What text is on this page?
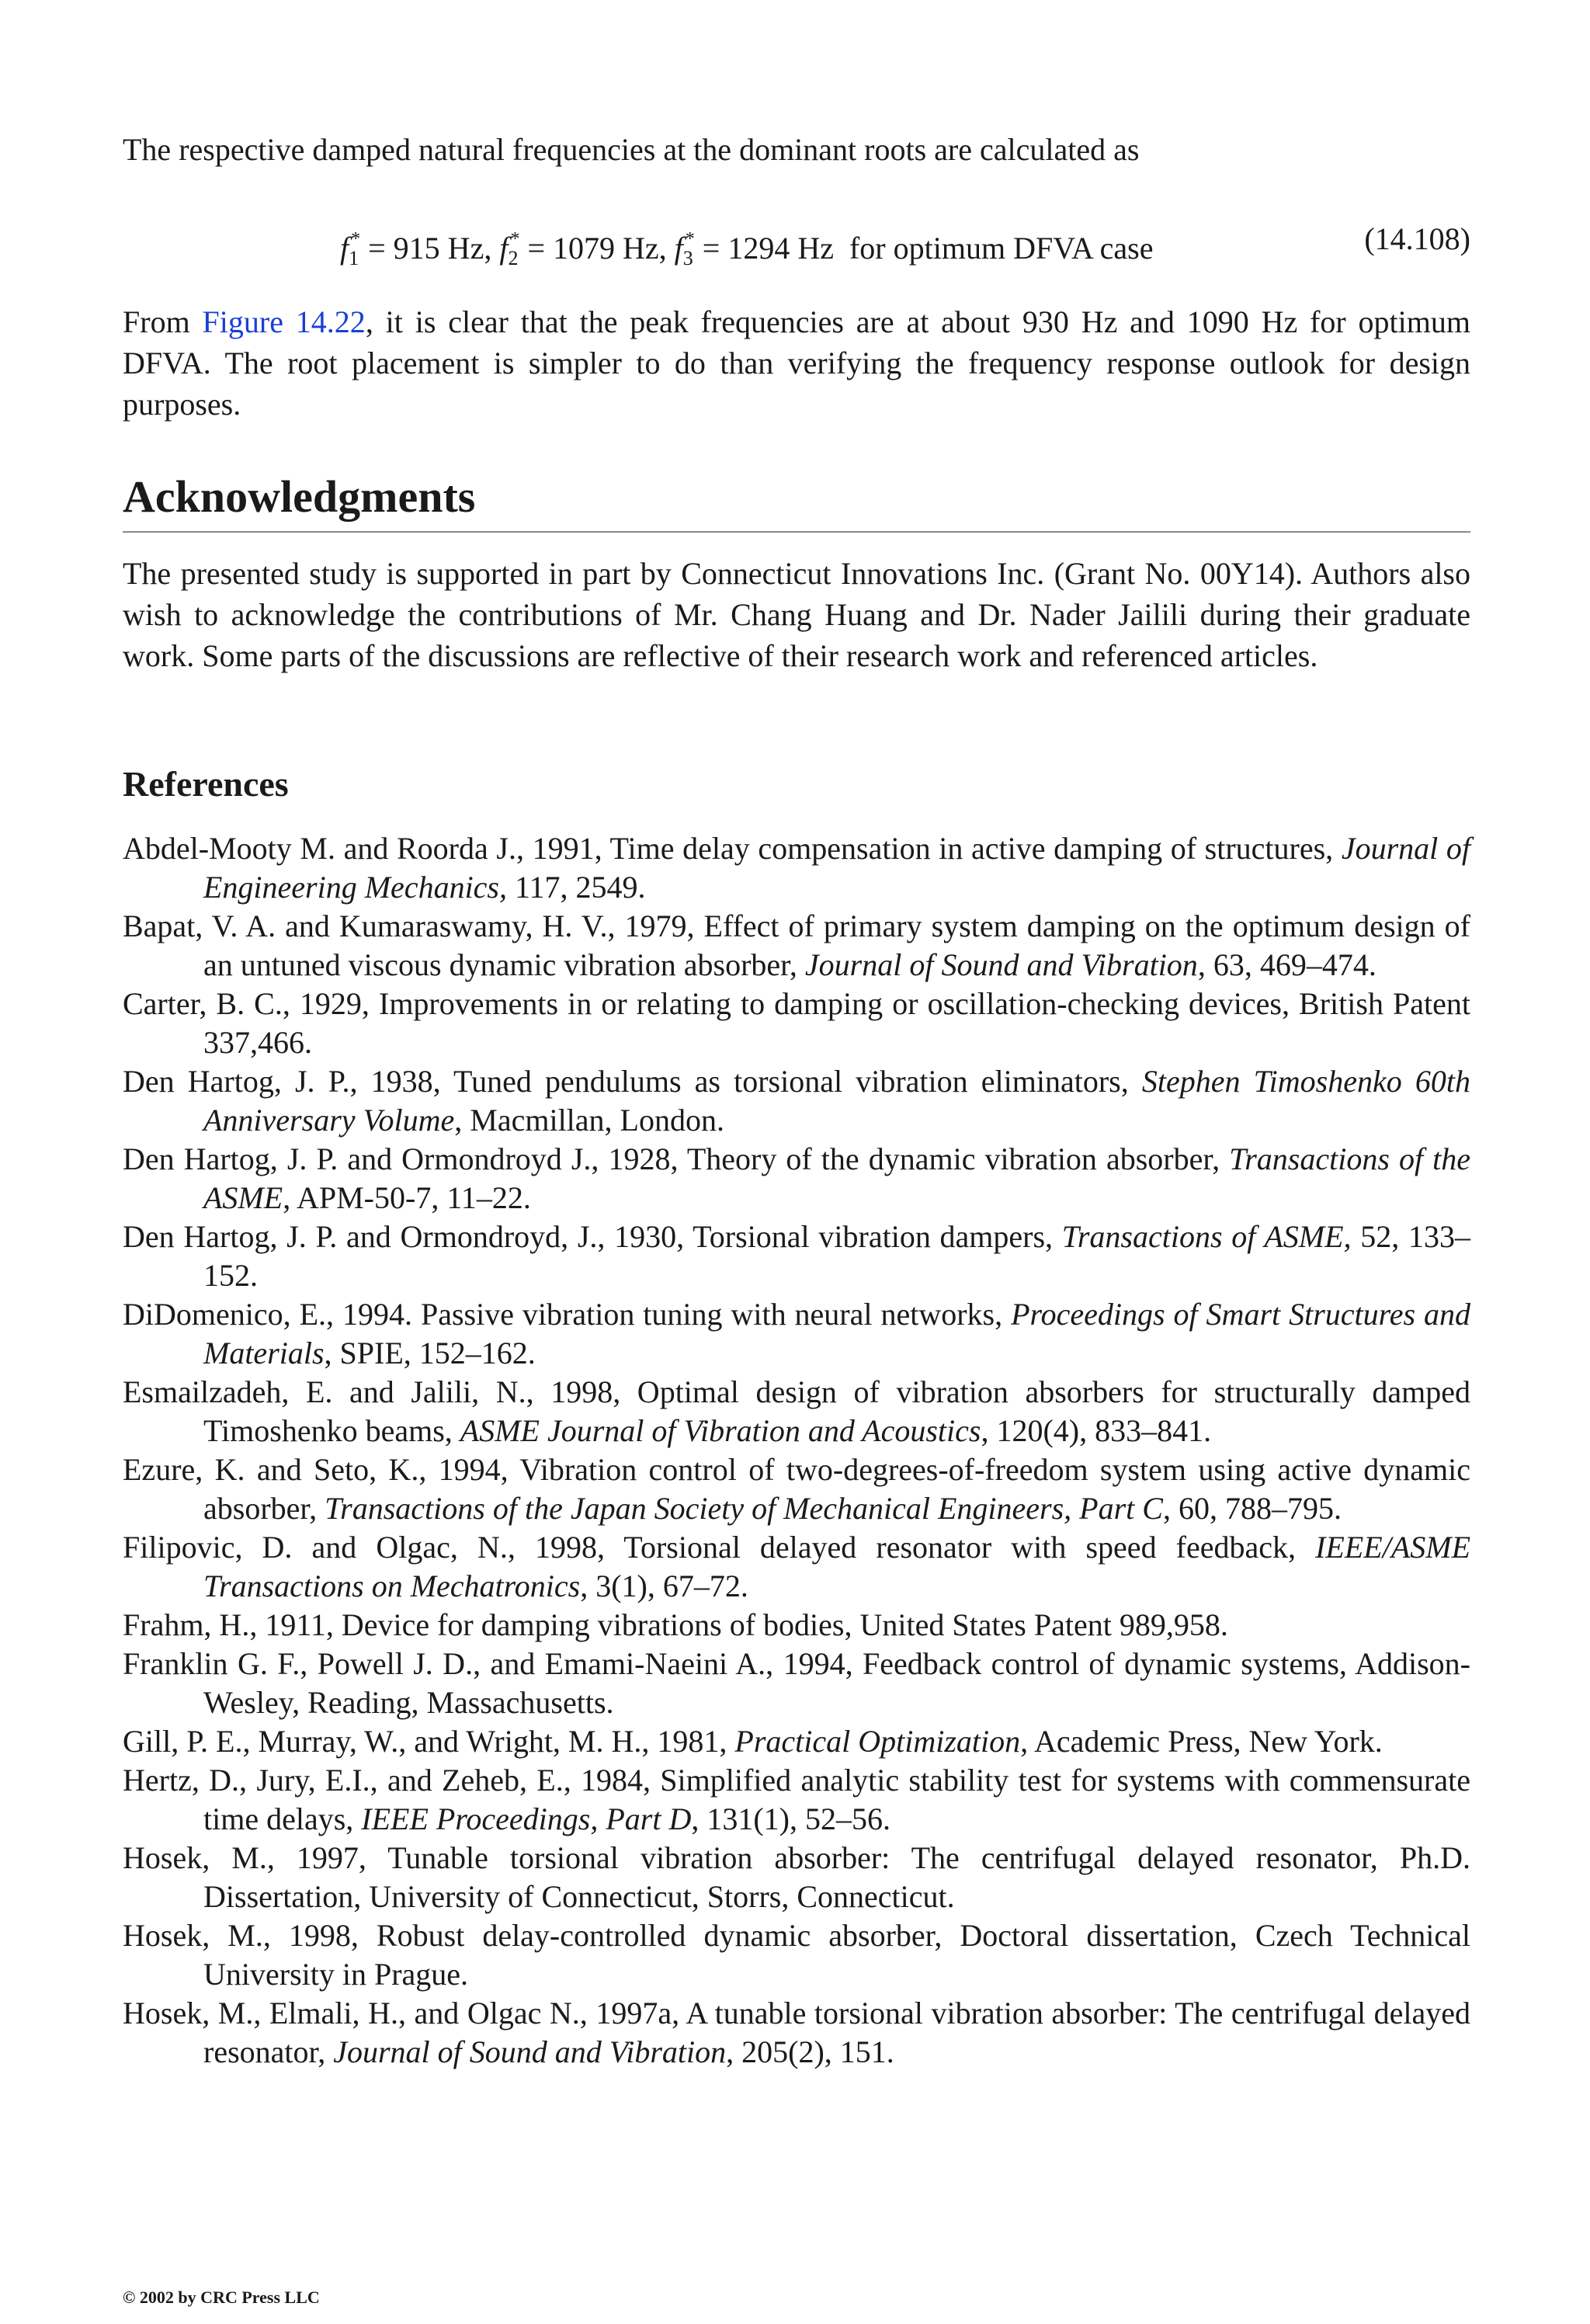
The respective damped natural frequencies at the dominant roots are calculated as

$f_1^* = 915$ Hz, $f_2^* = 1079$ Hz, $f_3^* = 1294$ Hz for optimum DFVA case	(14.108)

From Figure 14.22, it is clear that the peak frequencies are at about 930 Hz and 1090 Hz for optimum DFVA. The root placement is simpler to do than verifying the frequency response outlook for design purposes.

Acknowledgments

The presented study is supported in part by Connecticut Innovations Inc. (Grant No. 00Y14). Authors also wish to acknowledge the contributions of Mr. Chang Huang and Dr. Nader Jailili during their graduate work. Some parts of the discussions are reflective of their research work and referenced articles.

References
Abdel-Mooty M. and Roorda J., 1991, Time delay compensation in active damping of structures, Journal of Engineering Mechanics, 117, 2549.
Bapat, V. A. and Kumaraswamy, H. V., 1979, Effect of primary system damping on the optimum design of an untuned viscous dynamic vibration absorber, Journal of Sound and Vibration, 63, 469–474.
Carter, B. C., 1929, Improvements in or relating to damping or oscillation-checking devices, British Patent 337,466.
Den Hartog, J. P., 1938, Tuned pendulums as torsional vibration eliminators, Stephen Timoshenko 60th Anniversary Volume, Macmillan, London.
Den Hartog, J. P. and Ormondroyd J., 1928, Theory of the dynamic vibration absorber, Transactions of the ASME, APM-50-7, 11–22.
Den Hartog, J. P. and Ormondroyd, J., 1930, Torsional vibration dampers, Transactions of ASME, 52, 133–152.
DiDomenico, E., 1994. Passive vibration tuning with neural networks, Proceedings of Smart Structures and Materials, SPIE, 152–162.
Esmailzadeh, E. and Jalili, N., 1998, Optimal design of vibration absorbers for structurally damped Timoshenko beams, ASME Journal of Vibration and Acoustics, 120(4), 833–841.
Ezure, K. and Seto, K., 1994, Vibration control of two-degrees-of-freedom system using active dynamic absorber, Transactions of the Japan Society of Mechanical Engineers, Part C, 60, 788–795.
Filipovic, D. and Olgac, N., 1998, Torsional delayed resonator with speed feedback, IEEE/ASME Transactions on Mechatronics, 3(1), 67–72.
Frahm, H., 1911, Device for damping vibrations of bodies, United States Patent 989,958.
Franklin G. F., Powell J. D., and Emami-Naeini A., 1994, Feedback control of dynamic systems, Addison-Wesley, Reading, Massachusetts.
Gill, P. E., Murray, W., and Wright, M. H., 1981, Practical Optimization, Academic Press, New York.
Hertz, D., Jury, E.I., and Zeheb, E., 1984, Simplified analytic stability test for systems with commensurate time delays, IEEE Proceedings, Part D, 131(1), 52–56.
Hosek, M., 1997, Tunable torsional vibration absorber: The centrifugal delayed resonator, Ph.D. Dissertation, University of Connecticut, Storrs, Connecticut.
Hosek, M., 1998, Robust delay-controlled dynamic absorber, Doctoral dissertation, Czech Technical University in Prague.
Hosek, M., Elmali, H., and Olgac N., 1997a, A tunable torsional vibration absorber: The centrifugal delayed resonator, Journal of Sound and Vibration, 205(2), 151.
© 2002 by CRC Press LLC
